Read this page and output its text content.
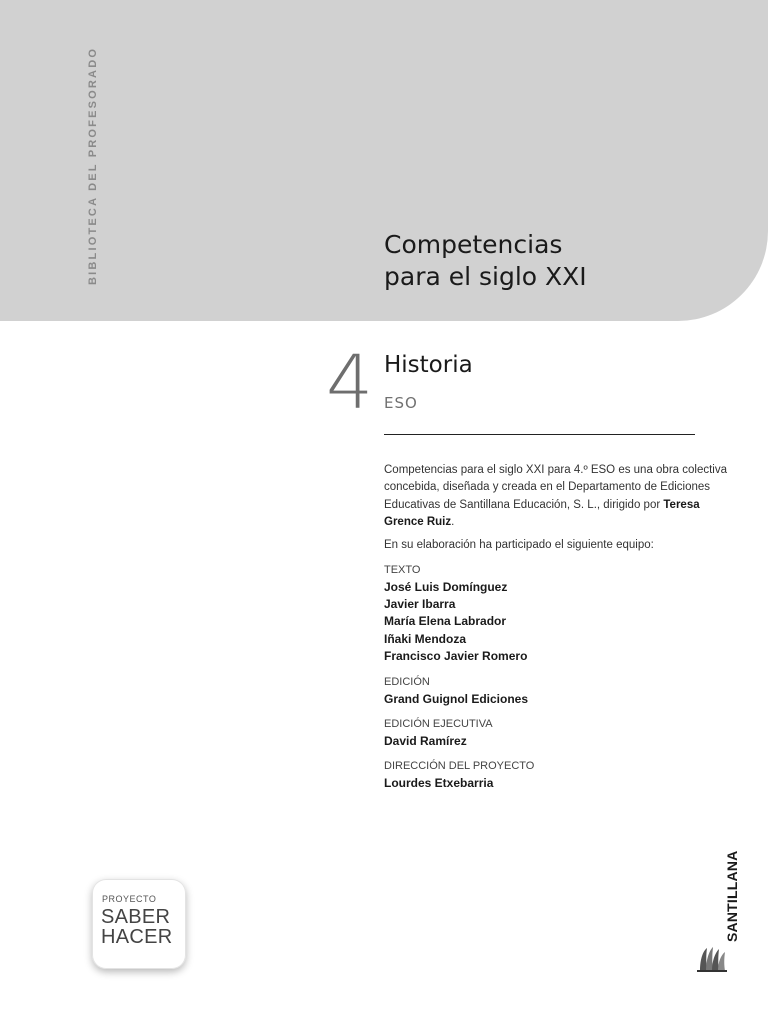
BIBLIOTECA DEL PROFESORADO	Competencias
para el siglo XXI
4 Historia
ESO

Competencias para el siglo XXI para 4.º ESO es una obra colectiva concebida, diseñada y creada en el Departamento de Ediciones Educativas de Santillana Educación, S. L., dirigido por Teresa Grence Ruiz.

En su elaboración ha participado el siguiente equipo:

TEXTO
José Luis Domínguez
Javier Ibarra
María Elena Labrador
Iñaki Mendoza
Francisco Javier Romero
EDICIÓN
Grand Guignol Ediciones
EDICIÓN EJECUTIVA
David Ramírez
DIRECCIÓN DEL PROYECTO
Lourdes Etxebarria
PROYECTO
SABER
HACER	SANTILLANA
